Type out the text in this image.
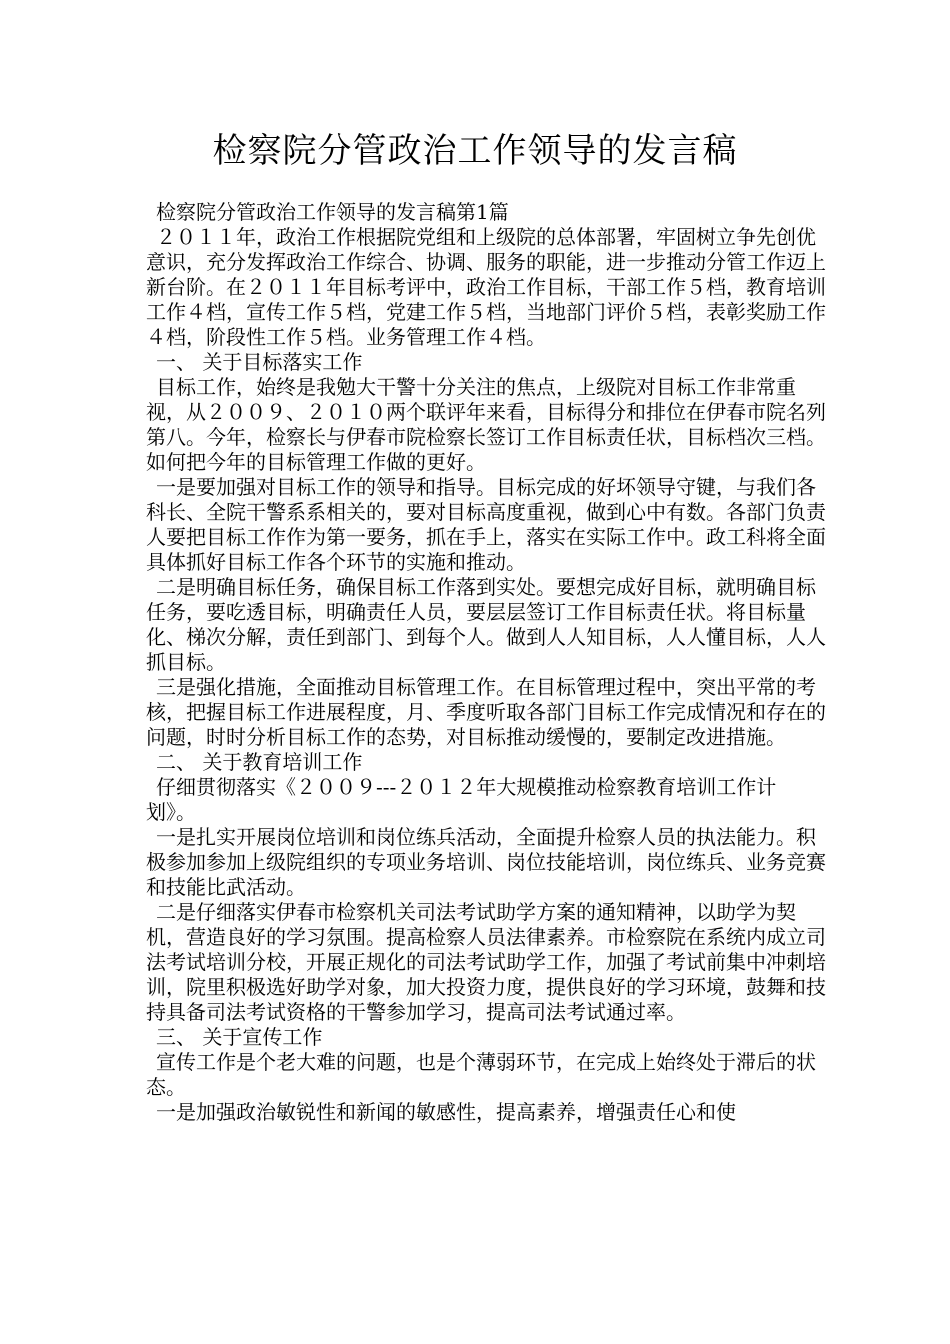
检察院分管政治工作领导的发言稿
检察院分管政治工作领导的发言稿第1篇
２０１１年，政治工作根据院党组和上级院的总体部署，牢固树立争先创优意识，充分发挥政治工作综合、协调、服务的职能，进一步推动分管工作迈上新台阶。在２０１１年目标考评中，政治工作目标，干部工作５档，教育培训工作４档，宣传工作５档，党建工作５档，当地部门评价５档，表彰奖励工作４档，阶段性工作５档。业务管理工作４档。
一、 关于目标落实工作
目标工作，始终是我勉大干警十分关注的焦点，上级院对目标工作非常重视，从２００９、２０１０两个联评年来看，目标得分和排位在伊春市院名列第八。今年，检察长与伊春市院检察长签订工作目标责任状，目标档次三档。如何把今年的目标管理工作做的更好。
一是要加强对目标工作的领导和指导。目标完成的好坏领导守键，与我们各科长、全院干警系系相关的，要对目标高度重视，做到心中有数。各部门负责人要把目标工作作为第一要务，抓在手上，落实在实际工作中。政工科将全面具体抓好目标工作各个环节的实施和推动。
二是明确目标任务，确保目标工作落到实处。要想完成好目标，就明确目标任务，要吃透目标，明确责任人员，要层层签订工作目标责任状。将目标量化、梯次分解，责任到部门、到每个人。做到人人知目标，人人懂目标，人人抓目标。
三是强化措施，全面推动目标管理工作。在目标管理过程中，突出平常的考核，把握目标工作进展程度，月、季度听取各部门目标工作完成情况和存在的问题，时时分析目标工作的态势，对目标推动缓慢的，要制定改进措施。
二、 关于教育培训工作
仔细贯彻落实《２００９---２０１２年大规模推动检察教育培训工作计划》。
一是扎实开展岗位培训和岗位练兵活动，全面提升检察人员的执法能力。积极参加参加上级院组织的专项业务培训、岗位技能培训，岗位练兵、业务竞赛和技能比武活动。
二是仔细落实伊春市检察机关司法考试助学方案的通知精神，以助学为契机，营造良好的学习氛围。提高检察人员法律素养。市检察院在系统内成立司法考试培训分校，开展正规化的司法考试助学工作，加强了考试前集中冲刺培训，院里积极选好助学对象，加大投资力度，提供良好的学习环境，鼓舞和技持具备司法考试资格的干警参加学习，提高司法考试通过率。
三、 关于宣传工作
宣传工作是个老大难的问题，也是个薄弱环节，在完成上始终处于滞后的状态。
一是加强政治敏锐性和新闻的敏感性，提高素养，增强责任心和使
